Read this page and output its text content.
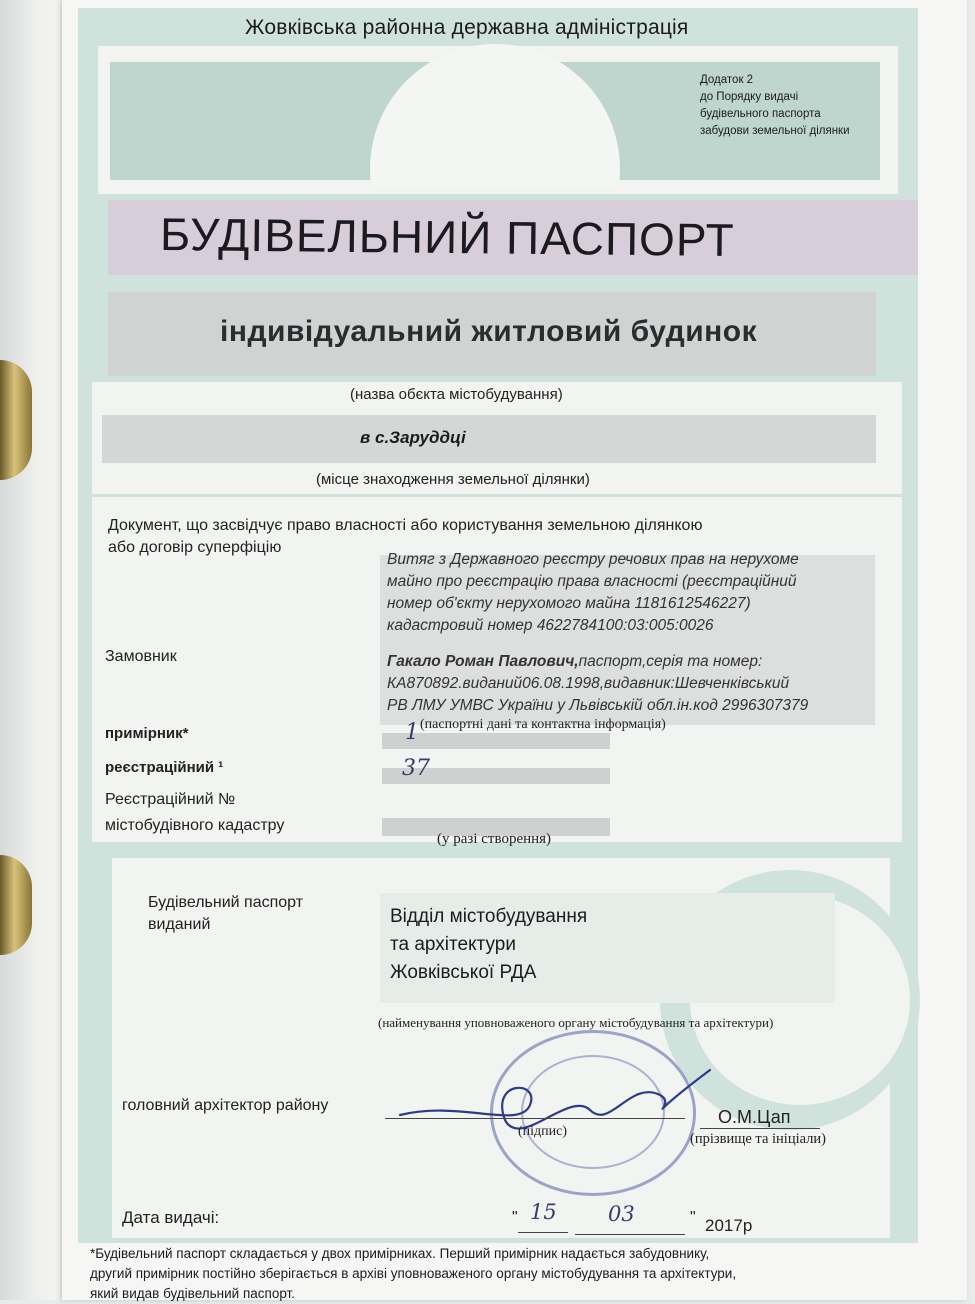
Жовківська районна державна адміністрація
Додаток 2
до Порядку видачі
будівельного паспорта
забудови земельної ділянки
БУДІВЕЛЬНИЙ ПАСПОРТ
індивідуальний житловий будинок
(назва обєкта містобудування)
в с.Заруддці
(місце знаходження земельної ділянки)
Документ, що засвідчує право власності або користування земельною ділянкою
або договір суперфіцію
Витяг з Державного реєстру речових прав на нерухоме
майно про реєстрацію права власності (реєстраційний
номер об'єкту нерухомого майна 1181612546227)
кадастровий номер 4622784100:03:005:0026
Замовник	Гакало Роман Павлович,паспорт,серія та номер:
КА870892.виданий06.08.1998,видавник:Шевченківський
РВ ЛМУ УМВС України у Львівській обл.ін.код 2996307379
(паспортні дані та контактна інформація)
примірник*	1
реєстраційний ¹	37
Реєстраційний №
містобудівного кадастру
(у разі створення)
Будівельний паспорт
виданий	Відділ містобудування
та архітектури
Жовківської РДА
(найменування уповноваженого органу містобудування та архітектури)
головний архітектор району
(підпис)
О.М.Цап
(прізвище та ініціали)
Дата видачі:	" 15 03	" 2017р
*Будівельний паспорт складається у двох примірниках. Перший примірник надається забудовнику,
другий примірник постійно зберігається в архіві уповноваженого органу містобудування та архітектури,
який видав будівельний паспорт.
